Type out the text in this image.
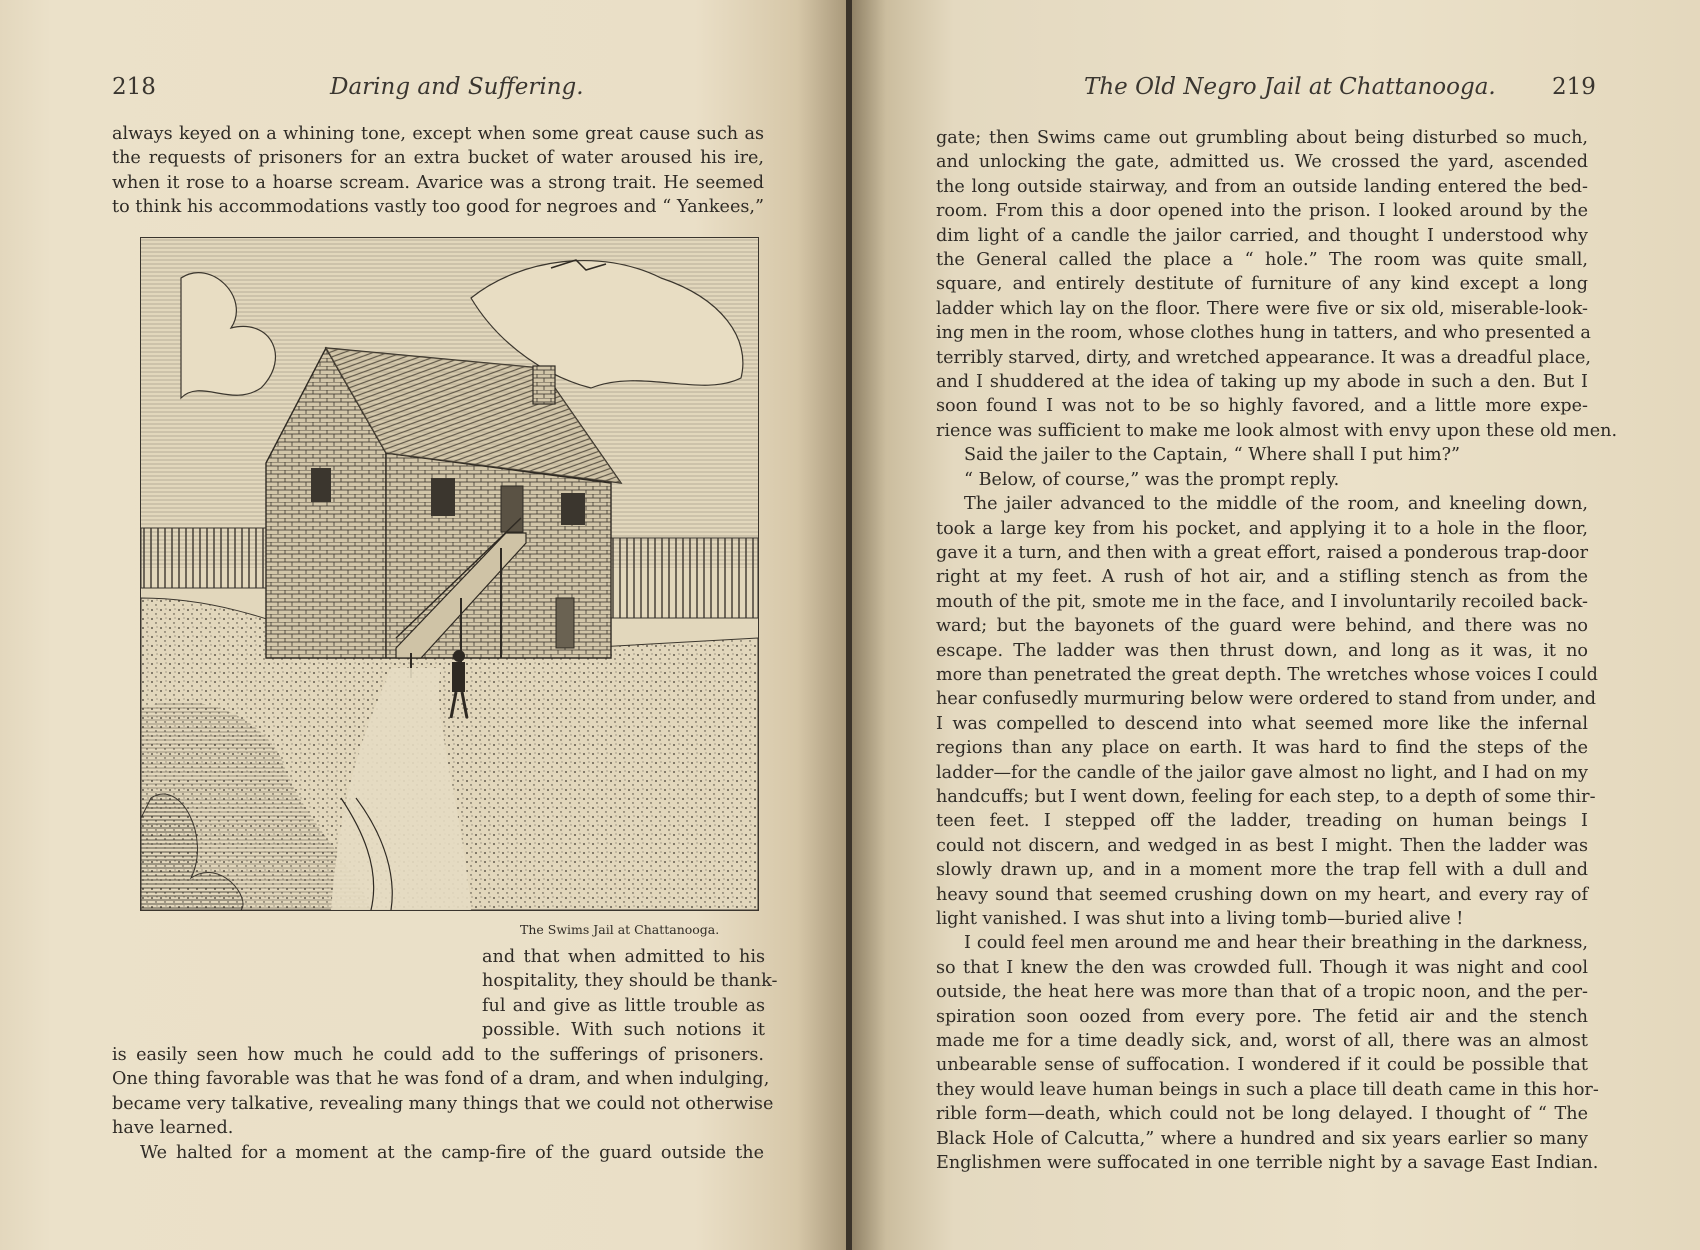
218	Daring and Suffering.
always keyed on a whining tone, except when some great cause such as
the requests of prisoners for an extra bucket of water aroused his ire,
when it rose to a hoarse scream. Avarice was a strong trait. He seemed
to think his accommodations vastly too good for negroes and “ Yankees,”
The Swims Jail at Chattanooga.
and that when admitted to his
hospitality, they should be thank-
ful and give as little trouble as
possible. With such notions it
is easily seen how much he could add to the sufferings of prisoners.
One thing favorable was that he was fond of a dram, and when indulging,
became very talkative, revealing many things that we could not otherwise
have learned.
We halted for a moment at the camp-fire of the guard outside the
The Old Negro Jail at Chattanooga. 219
gate; then Swims came out grumbling about being disturbed so much,
and unlocking the gate, admitted us. We crossed the yard, ascended
the long outside stairway, and from an outside landing entered the bed-
room. From this a door opened into the prison. I looked around by the
dim light of a candle the jailor carried, and thought I understood why
the General called the place a “ hole.” The room was quite small,
square, and entirely destitute of furniture of any kind except a long
ladder which lay on the floor. There were five or six old, miserable-look-
ing men in the room, whose clothes hung in tatters, and who presented a
terribly starved, dirty, and wretched appearance. It was a dreadful place,
and I shuddered at the idea of taking up my abode in such a den. But I
soon found I was not to be so highly favored, and a little more expe-
rience was sufficient to make me look almost with envy upon these old men.
Said the jailer to the Captain, “ Where shall I put him?”
“ Below, of course,” was the prompt reply.
The jailer advanced to the middle of the room, and kneeling down,
took a large key from his pocket, and applying it to a hole in the floor,
gave it a turn, and then with a great effort, raised a ponderous trap-door
right at my feet. A rush of hot air, and a stifling stench as from the
mouth of the pit, smote me in the face, and I involuntarily recoiled back-
ward; but the bayonets of the guard were behind, and there was no
escape. The ladder was then thrust down, and long as it was, it no
more than penetrated the great depth. The wretches whose voices I could
hear confusedly murmuring below were ordered to stand from under, and
I was compelled to descend into what seemed more like the infernal
regions than any place on earth. It was hard to find the steps of the
ladder—for the candle of the jailor gave almost no light, and I had on my
handcuffs; but I went down, feeling for each step, to a depth of some thir-
teen feet. I stepped off the ladder, treading on human beings I
could not discern, and wedged in as best I might. Then the ladder was
slowly drawn up, and in a moment more the trap fell with a dull and
heavy sound that seemed crushing down on my heart, and every ray of
light vanished. I was shut into a living tomb—buried alive !
I could feel men around me and hear their breathing in the darkness,
so that I knew the den was crowded full. Though it was night and cool
outside, the heat here was more than that of a tropic noon, and the per-
spiration soon oozed from every pore. The fetid air and the stench
made me for a time deadly sick, and, worst of all, there was an almost
unbearable sense of suffocation. I wondered if it could be possible that
they would leave human beings in such a place till death came in this hor-
rible form—death, which could not be long delayed. I thought of “ The
Black Hole of Calcutta,” where a hundred and six years earlier so many
Englishmen were suffocated in one terrible night by a savage East Indian.
